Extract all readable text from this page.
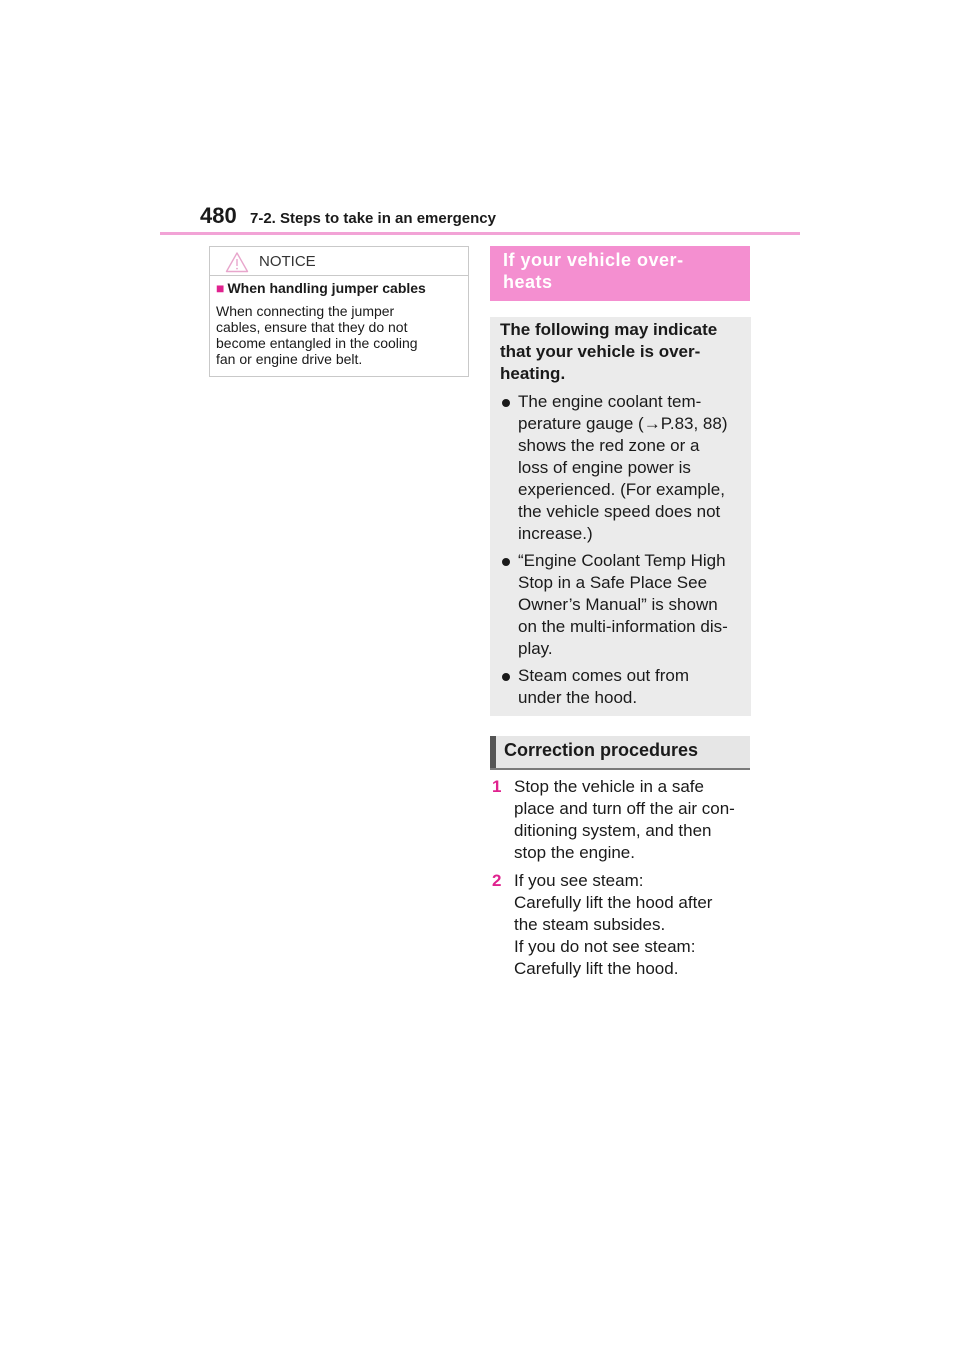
480 7-2. Steps to take in an emergency
NOTICE
■ When handling jumper cables
When connecting the jumper
cables, ensure that they do not
become entangled in the cooling
fan or engine drive belt.
If your vehicle over-
heats
The following may indicate
that your vehicle is over-
heating.
The engine coolant tem-
perature gauge (→P.83, 88)
shows the red zone or a
loss of engine power is
experienced. (For example,
the vehicle speed does not
increase.)
“Engine Coolant Temp High
Stop in a Safe Place See
Owner’s Manual” is shown
on the multi-information dis-
play.
Steam comes out from
under the hood.
Correction procedures
1 Stop the vehicle in a safe
place and turn off the air con-
ditioning system, and then
stop the engine.
2 If you see steam:
Carefully lift the hood after
the steam subsides.
If you do not see steam:
Carefully lift the hood.
